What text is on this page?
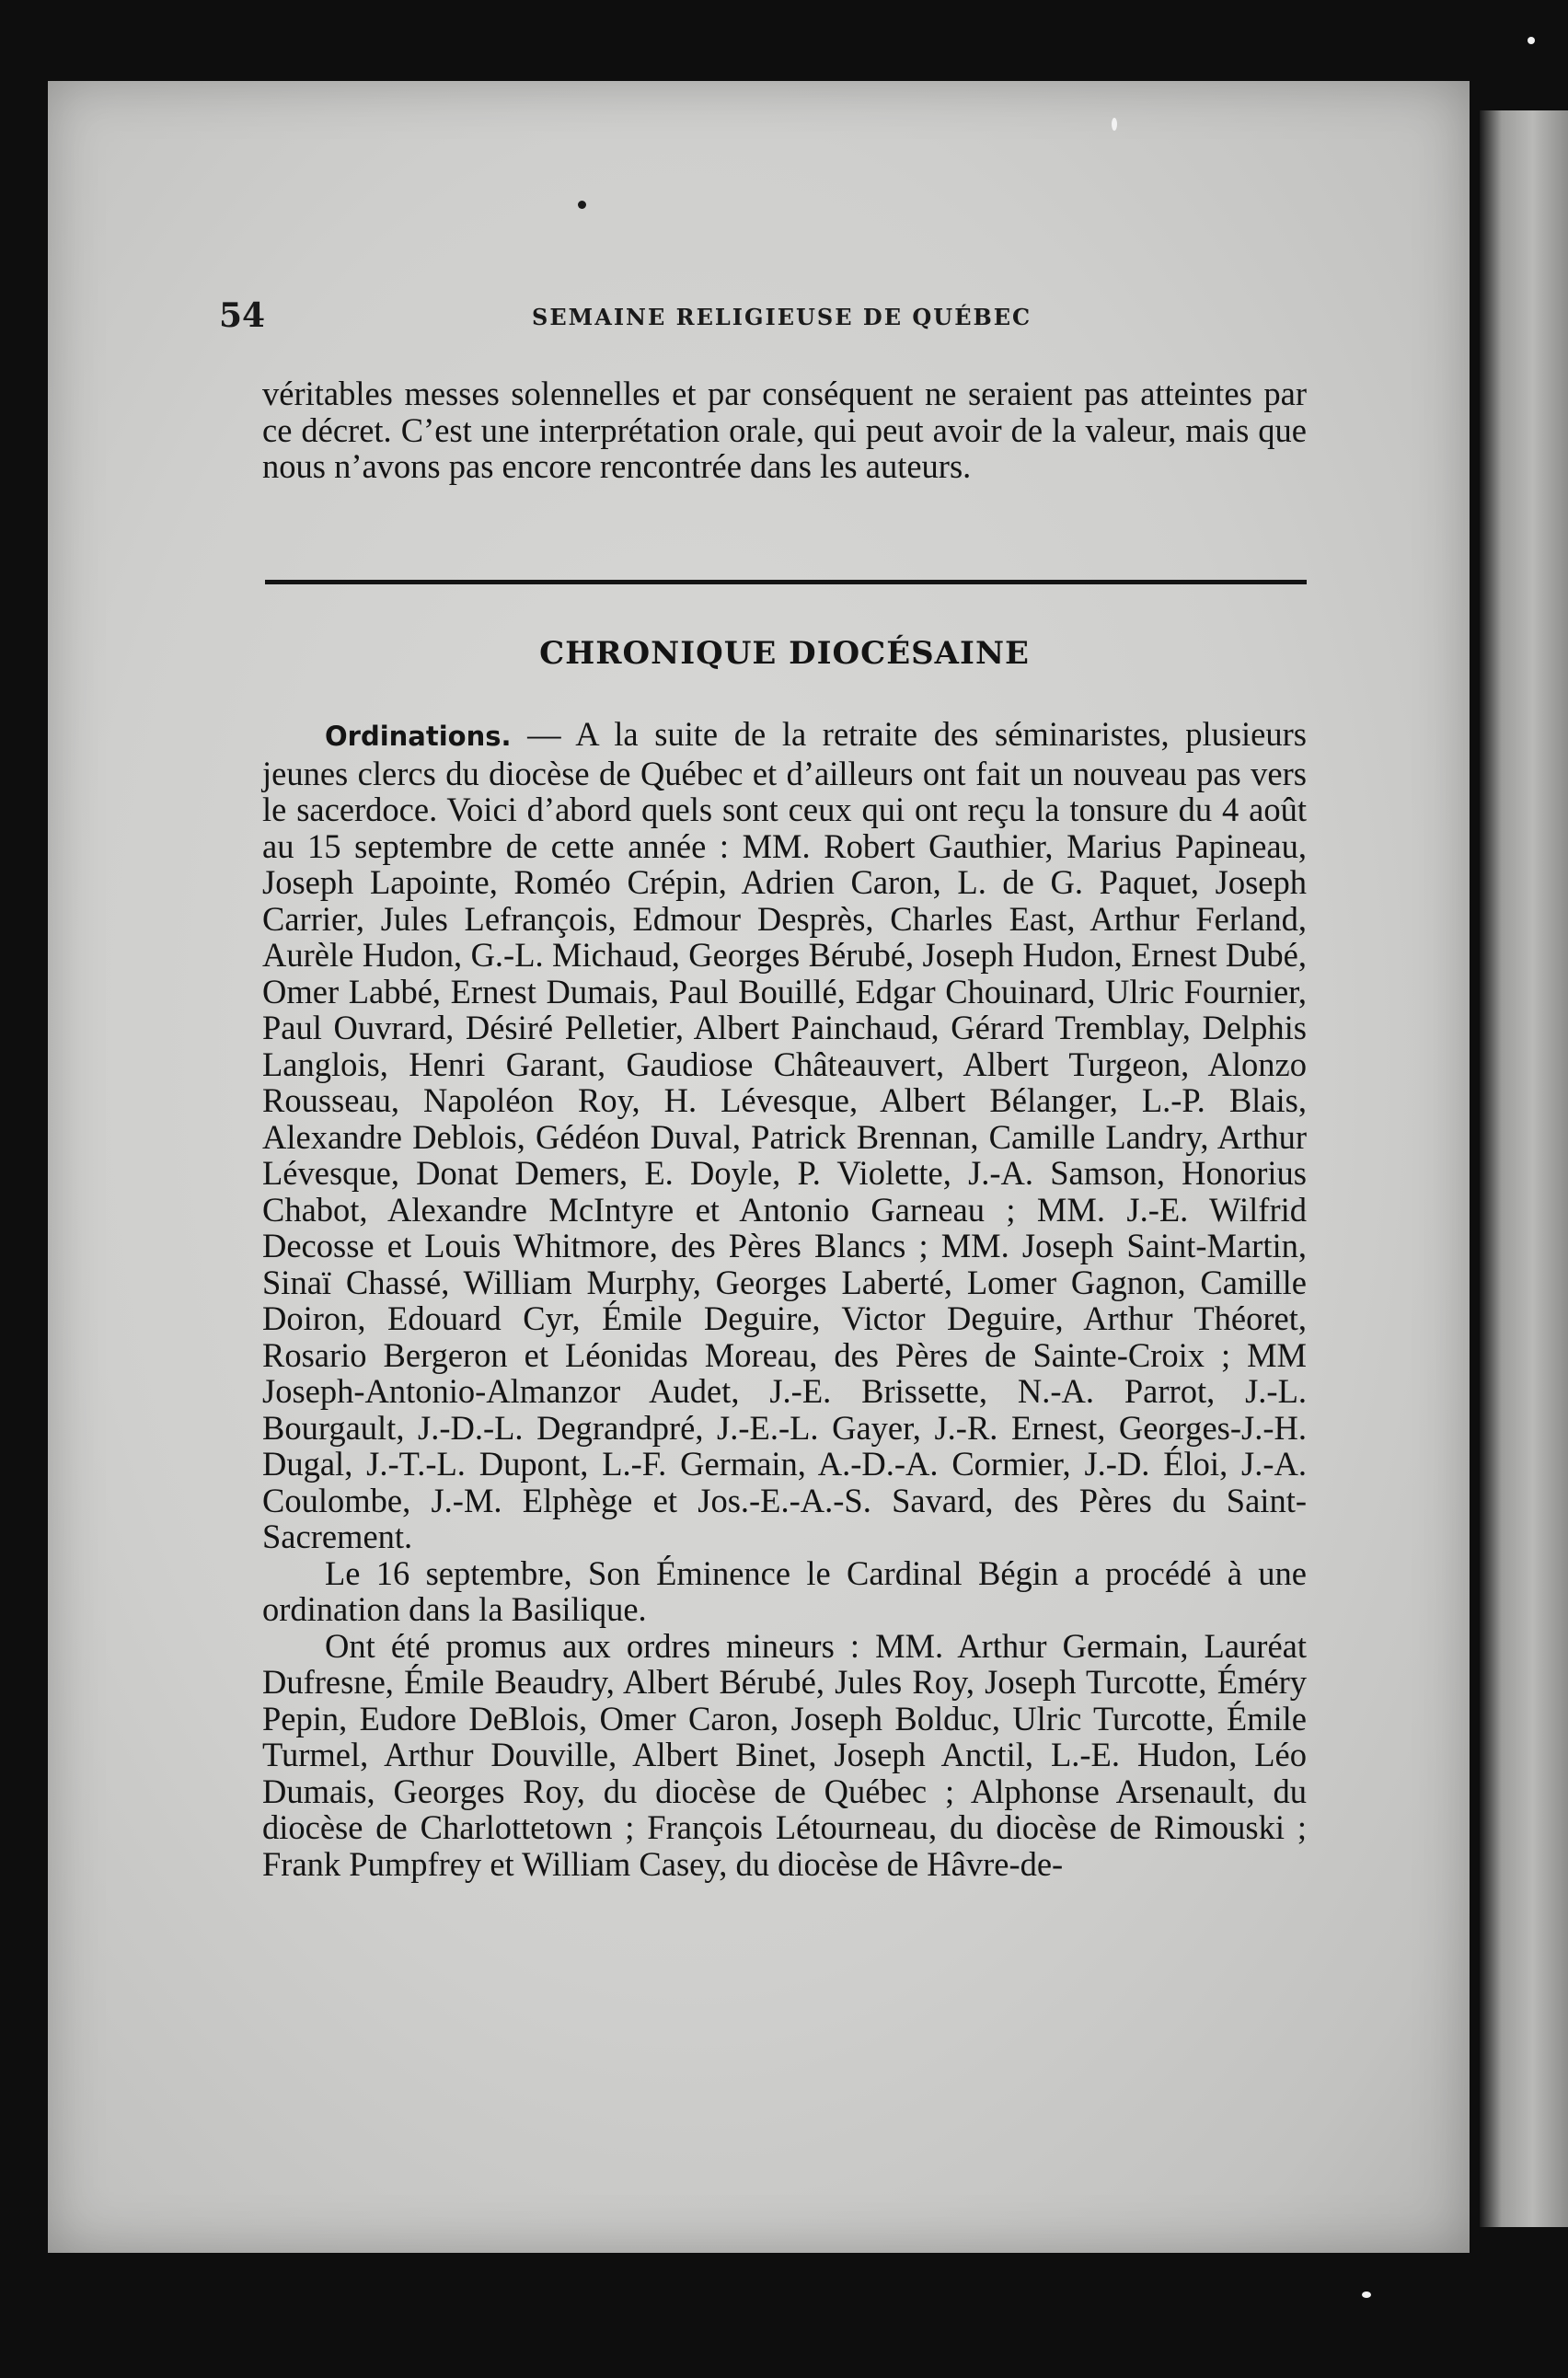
54	SEMAINE RELIGIEUSE DE QUÉBEC
véritables messes solennelles et par conséquent ne seraient pas atteintes par ce décret. C’est une interprétation orale, qui peut avoir de la valeur, mais que nous n’avons pas encore rencontrée dans les auteurs.
CHRONIQUE DIOCÉSAINE

Ordinations. — A la suite de la retraite des séminaristes, plusieurs jeunes clercs du diocèse de Québec et d’ailleurs ont fait un nouveau pas vers le sacerdoce. Voici d’abord quels sont ceux qui ont reçu la tonsure du 4 août au 15 septembre de cette année : MM. Robert Gauthier, Marius Papineau, Joseph Lapointe, Roméo Crépin, Adrien Caron, L. de G. Paquet, Joseph Carrier, Jules Lefrançois, Edmour Desprès, Charles East, Arthur Ferland, Aurèle Hudon, G.-L. Michaud, Georges Bérubé, Joseph Hudon, Ernest Dubé, Omer Labbé, Ernest Dumais, Paul Bouillé, Edgar Chouinard, Ulric Fournier, Paul Ouvrard, Désiré Pelletier, Albert Painchaud, Gérard Tremblay, Delphis Langlois, Henri Garant, Gaudiose Châteauvert, Albert Turgeon, Alonzo Rousseau, Napoléon Roy, H. Lévesque, Albert Bélanger, L.-P. Blais, Alexandre Deblois, Gédéon Duval, Patrick Brennan, Camille Landry, Arthur Lévesque, Donat Demers, E. Doyle, P. Violette, J.-A. Samson, Honorius Chabot, Alexandre McIntyre et Antonio Garneau ; MM. J.-E. Wilfrid Decosse et Louis Whitmore, des Pères Blancs ; MM. Joseph Saint-Martin, Sinaï Chassé, William Murphy, Georges Laberté, Lomer Gagnon, Camille Doiron, Edouard Cyr, Émile Deguire, Victor Deguire, Arthur Théoret, Rosario Bergeron et Léonidas Moreau, des Pères de Sainte-Croix ; MM Joseph-Antonio-Almanzor Audet, J.-E. Brissette, N.-A. Parrot, J.-L. Bourgault, J.-D.-L. Degrandpré, J.-E.-L. Gayer, J.-R. Ernest, Georges-J.-H. Dugal, J.-T.-L. Dupont, L.-F. Germain, A.-D.-A. Cormier, J.-D. Éloi, J.-A. Coulombe, J.-M. Elphège et Jos.-E.-A.-S. Savard, des Pères du Saint-Sacrement.

Le 16 septembre, Son Éminence le Cardinal Bégin a procédé à une ordination dans la Basilique.

Ont été promus aux ordres mineurs : MM. Arthur Germain, Lauréat Dufresne, Émile Beaudry, Albert Bérubé, Jules Roy, Joseph Turcotte, Éméry Pepin, Eudore DeBlois, Omer Caron, Joseph Bolduc, Ulric Turcotte, Émile Turmel, Arthur Douville, Albert Binet, Joseph Anctil, L.-E. Hudon, Léo Dumais, Georges Roy, du diocèse de Québec ; Alphonse Arsenault, du diocèse de Charlottetown ; François Létourneau, du diocèse de Rimouski ; Frank Pumpfrey et William Casey, du diocèse de Hâvre-de-
